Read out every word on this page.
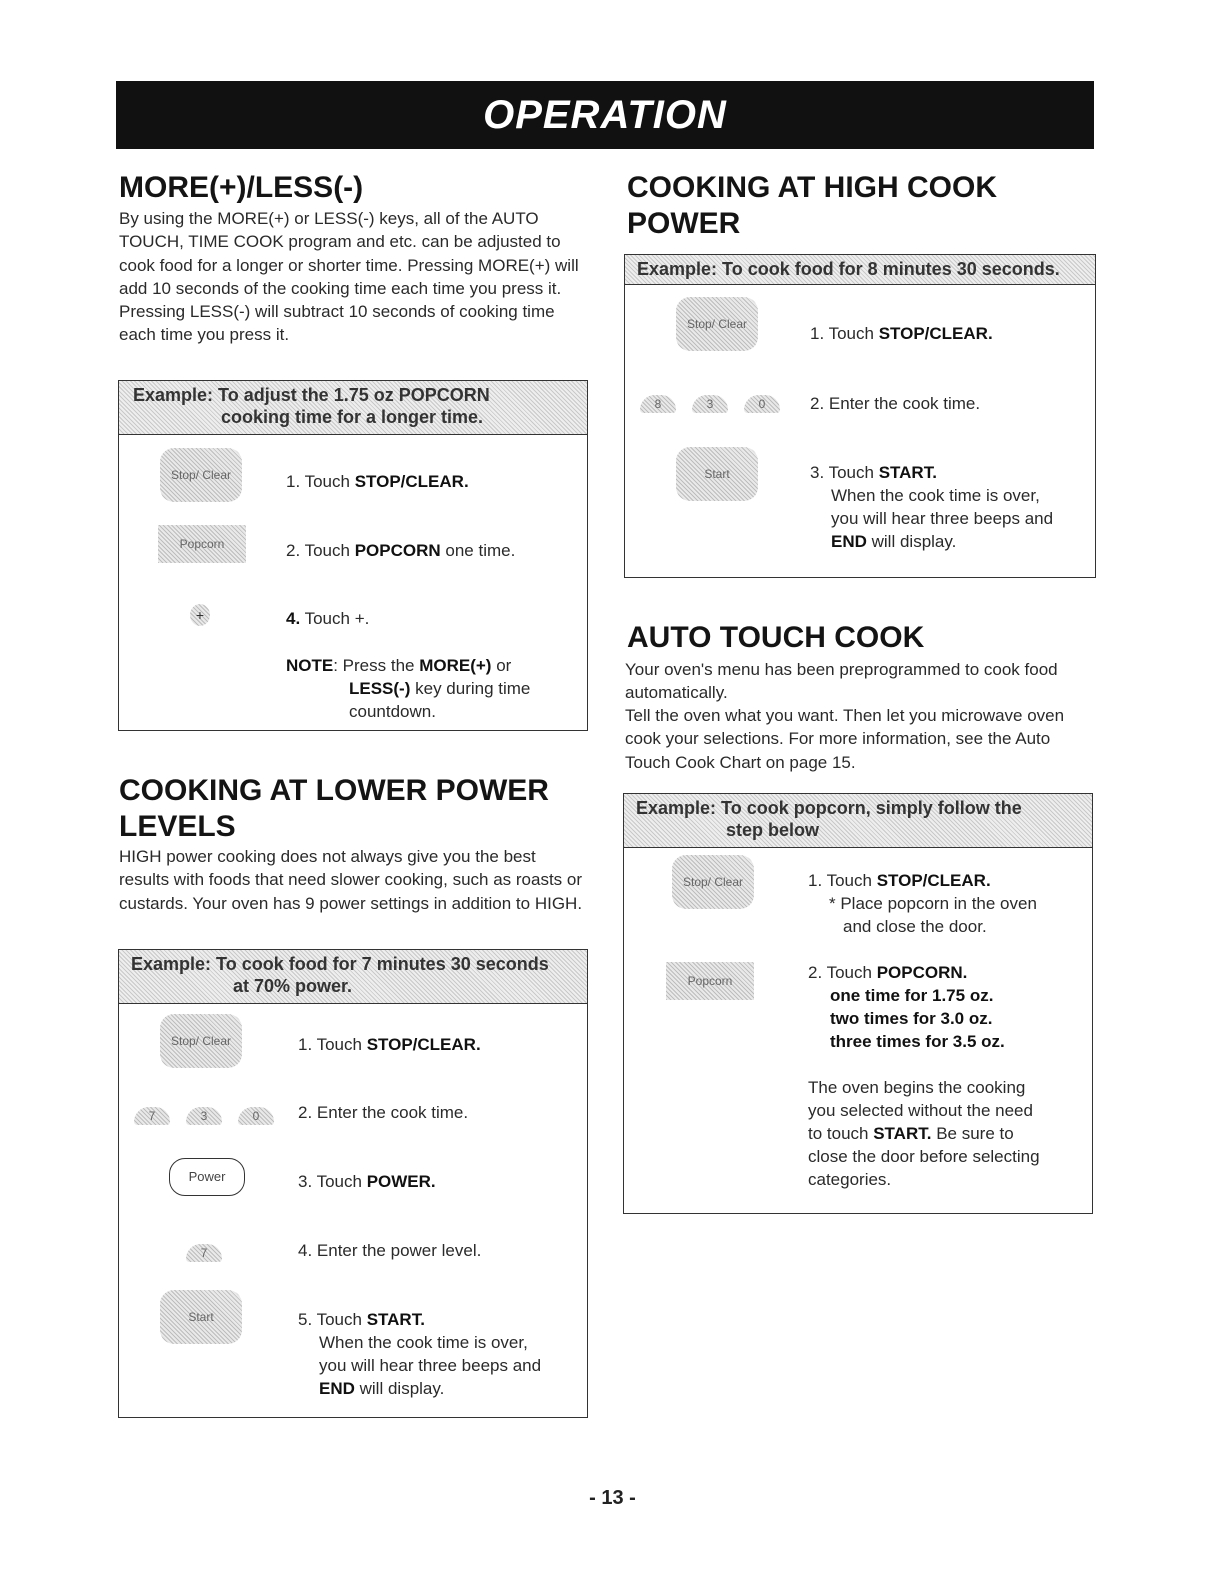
OPERATION
MORE(+)/LESS(-)

By using the MORE(+) or LESS(-) keys, all of the AUTO TOUCH, TIME COOK program and etc. can be adjusted to cook food for a longer or shorter time. Pressing MORE(+) will add 10 seconds of the cooking time each time you press it. Pressing LESS(-) will subtract 10 seconds of cooking time each time you press it.

Example: To adjust the 1.75 oz POPCORN
cooking time for a longer time.
Stop/ Clear	1. Touch STOP/CLEAR.
Popcorn	2. Touch POPCORN one time.
+	4. Touch +.
NOTE: Press the MORE(+) or
LESS(-) key during time
countdown.
COOKING AT LOWER POWER
LEVELS

HIGH power cooking does not always give you the best results with foods that need slower cooking, such as roasts or custards. Your oven has 9 power settings in addition to HIGH.

Example: To cook food for 7 minutes 30 seconds
at 70% power.
Stop/ Clear	1. Touch STOP/CLEAR.
7	3	0 2. Enter the cook time.
Power	3. Touch POWER.
7	4. Enter the power level.
Start	5. Touch START.
When the cook time is over,
you will hear three beeps and
END will display.
COOKING AT HIGH COOK
POWER
Example: To cook food for 8 minutes 30 seconds.
Stop/ Clear	1. Touch STOP/CLEAR.
8	3	0	2. Enter the cook time.
Start	3. Touch START.
When the cook time is over,
you will hear three beeps and
END will display.
AUTO TOUCH COOK

Your oven's menu has been preprogrammed to cook food automatically.

Tell the oven what you want. Then let you microwave oven cook your selections. For more information, see the Auto Touch Cook Chart on page 15.

Example: To cook popcorn, simply follow the
step below
Stop/ Clear	1. Touch STOP/CLEAR.
* Place popcorn in the oven
and close the door.
Popcorn	2. Touch POPCORN.
one time for 1.75 oz.
two times for 3.0 oz.
three times for 3.5 oz.
The oven begins the cooking
you selected without the need
to touch START. Be sure to
close the door before selecting
categories.
- 13 -
